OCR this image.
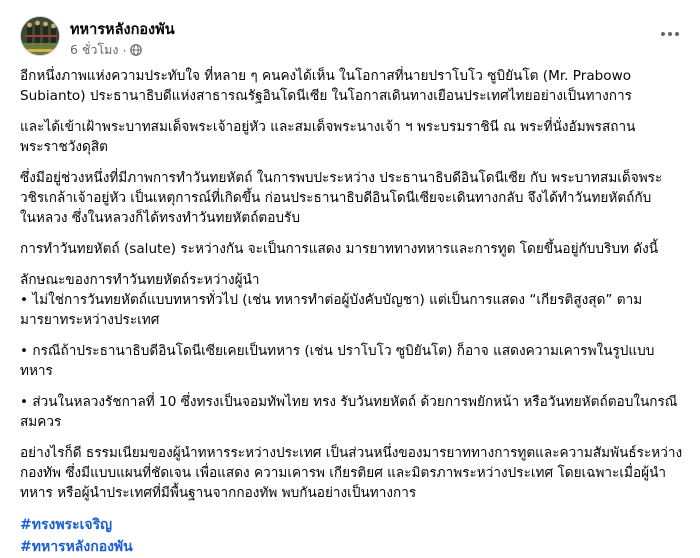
ทหารหลังกองพัน
6 ชั่วโมง ·

อีกหนึ่งภาพแห่งความประทับใจ ที่หลาย ๆ คนคงได้เห็น ในโอกาสที่นายปราโบโว ซูบิยันโต (Mr. Prabowo Subianto) ประธานาธิบดีแห่งสาธารณรัฐอินโดนีเซีย ในโอกาสเดินทางเยือนประเทศไทยอย่างเป็นทางการ

และได้เข้าเฝ้าพระบาทสมเด็จพระเจ้าอยู่หัว และสมเด็จพระนางเจ้า ฯ พระบรมราชินี ณ พระที่นั่งอัมพรสถาน พระราชวังดุสิต

ซึ่งมีอยู่ช่วงหนึ่งที่มีภาพการทำวันทยหัตถ์ ในการพบปะระหว่าง ประธานาธิบดีอินโดนีเซีย กับ พระบาทสมเด็จพระวชิรเกล้าเจ้าอยู่หัว เป็นเหตุการณ์ที่เกิดขึ้น ก่อนประธานาธิบดีอินโดนีเซียจะเดินทางกลับ จึงได้ทำวันทยหัตถ์กับในหลวง ซึ่งในหลวงก็ได้ทรงทำวันทยหัตถ์ตอบรับ

การทำวันทยหัตถ์ (salute) ระหว่างกัน จะเป็นการแสดง มารยาททางทหารและการทูต โดยขึ้นอยู่กับบริบท ดังนี้

ลักษณะของการทำวันทยหัตถ์ระหว่างผู้นำ

• ไม่ใช่การวันทยหัตถ์แบบทหารทั่วไป (เช่น ทหารทำต่อผู้บังคับบัญชา) แต่เป็นการแสดง “เกียรติสูงสุด” ตามมารยาทระหว่างประเทศ

• กรณีถ้าประธานาธิบดีอินโดนีเซียเคยเป็นทหาร (เช่น ปราโบโว ซูบิยันโต) ก็อาจ แสดงความเคารพในรูปแบบทหาร

• ส่วนในหลวงรัชกาลที่ 10 ซึ่งทรงเป็นจอมทัพไทย ทรง รับวันทยหัตถ์ ด้วยการพยักหน้า หรือวันทยหัตถ์ตอบในกรณีสมควร

อย่างไรก็ดี ธรรมเนียมของผู้นำทหารระหว่างประเทศ เป็นส่วนหนึ่งของมารยาททางการทูตและความสัมพันธ์ระหว่างกองทัพ ซึ่งมีแบบแผนที่ชัดเจน เพื่อแสดง ความเคารพ เกียรติยศ และมิตรภาพระหว่างประเทศ โดยเฉพาะเมื่อผู้นำทหาร หรือผู้นำประเทศที่มีพื้นฐานจากกองทัพ พบกันอย่างเป็นทางการ

#ทรงพระเจริญ
#ทหารหลังกองพัน
